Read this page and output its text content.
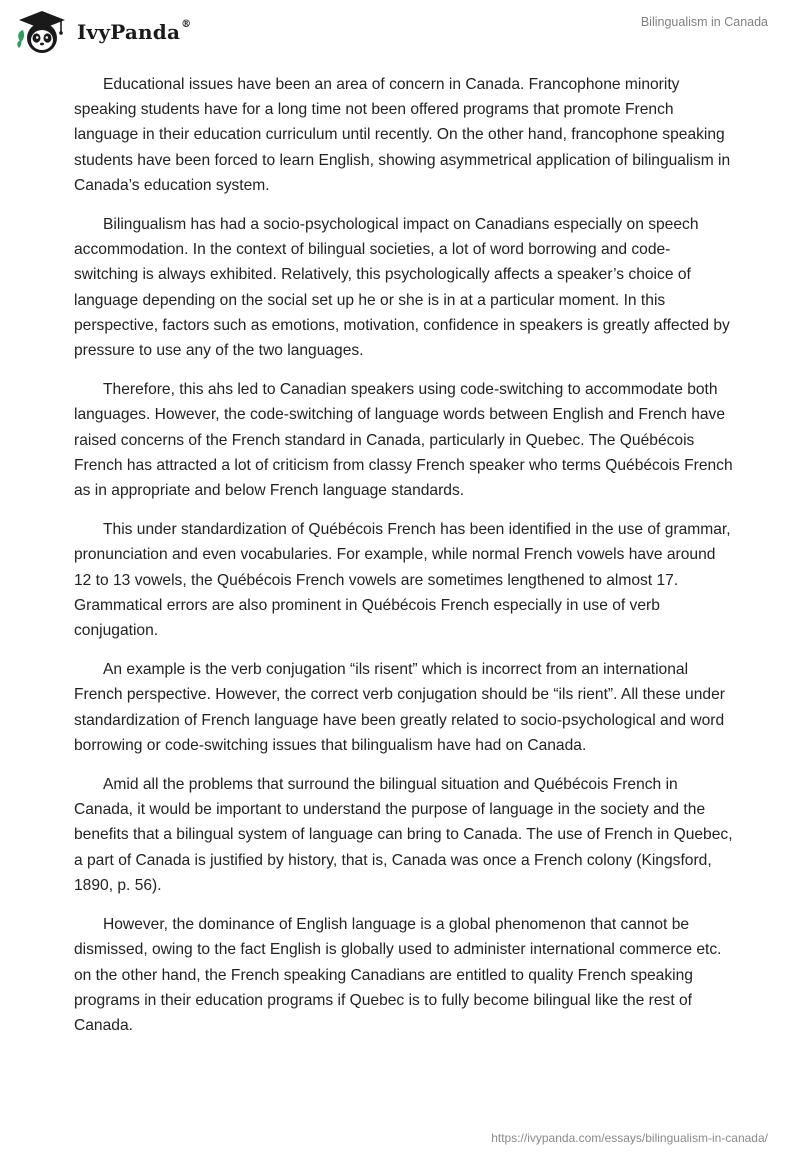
IvyPanda®	Bilingualism in Canada

Educational issues have been an area of concern in Canada. Francophone minority speaking students have for a long time not been offered programs that promote French language in their education curriculum until recently. On the other hand, francophone speaking students have been forced to learn English, showing asymmetrical application of bilingualism in Canada’s education system.

Bilingualism has had a socio-psychological impact on Canadians especially on speech accommodation. In the context of bilingual societies, a lot of word borrowing and code-switching is always exhibited. Relatively, this psychologically affects a speaker’s choice of language depending on the social set up he or she is in at a particular moment. In this perspective, factors such as emotions, motivation, confidence in speakers is greatly affected by pressure to use any of the two languages.

Therefore, this ahs led to Canadian speakers using code-switching to accommodate both languages. However, the code-switching of language words between English and French have raised concerns of the French standard in Canada, particularly in Quebec. The Québécois French has attracted a lot of criticism from classy French speaker who terms Québécois French as in appropriate and below French language standards.

This under standardization of Québécois French has been identified in the use of grammar, pronunciation and even vocabularies. For example, while normal French vowels have around 12 to 13 vowels, the Québécois French vowels are sometimes lengthened to almost 17. Grammatical errors are also prominent in Québécois French especially in use of verb conjugation.

An example is the verb conjugation “ils risent” which is incorrect from an international French perspective. However, the correct verb conjugation should be “ils rient”. All these under standardization of French language have been greatly related to socio-psychological and word borrowing or code-switching issues that bilingualism have had on Canada.

Amid all the problems that surround the bilingual situation and Québécois French in Canada, it would be important to understand the purpose of language in the society and the benefits that a bilingual system of language can bring to Canada. The use of French in Quebec, a part of Canada is justified by history, that is, Canada was once a French colony (Kingsford, 1890, p. 56).

However, the dominance of English language is a global phenomenon that cannot be dismissed, owing to the fact English is globally used to administer international commerce etc. on the other hand, the French speaking Canadians are entitled to quality French speaking programs in their education programs if Quebec is to fully become bilingual like the rest of Canada.

https://ivypanda.com/essays/bilingualism-in-canada/
